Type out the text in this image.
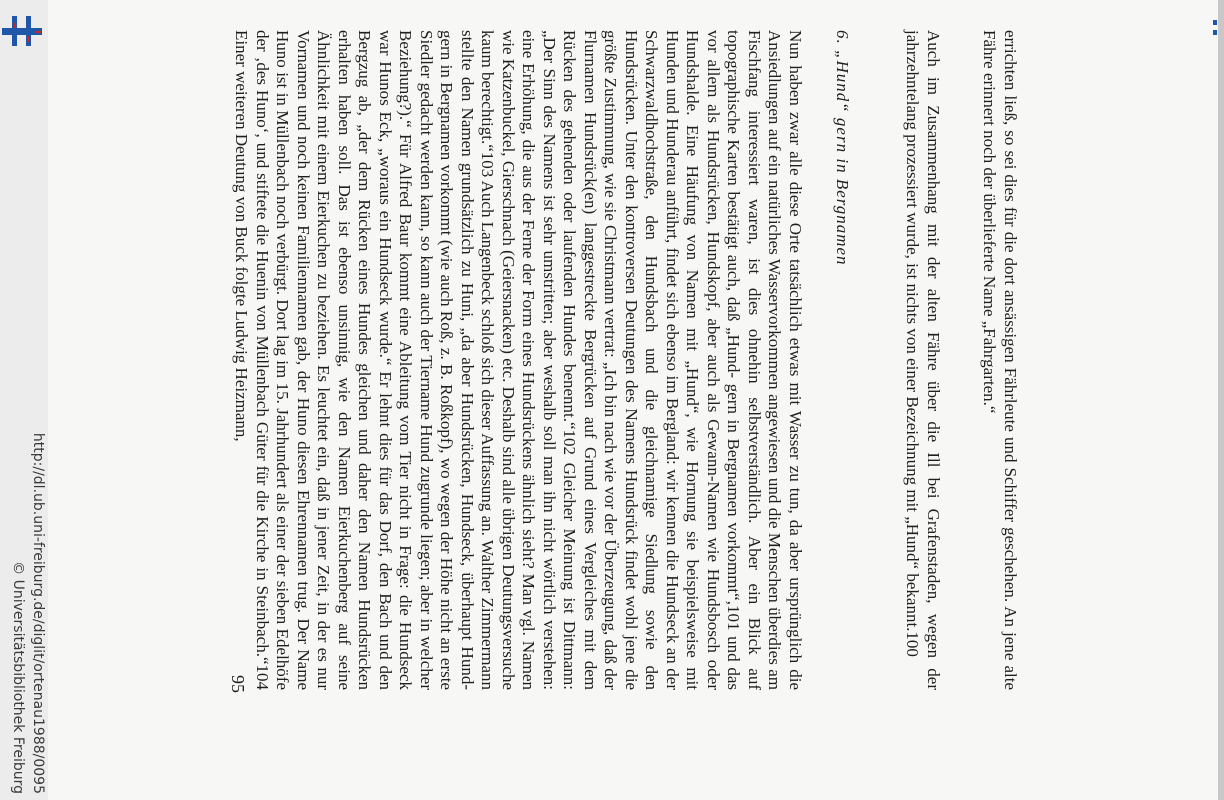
errichten ließ, so sei dies für die dort ansässigen Fährleute und Schiffer geschehen. An jene alte Fähre erinnert noch der überlieferte Name „Fahrgarten.“

Auch im Zusammenhang mit der alten Fähre über die Ill bei Grafenstaden, wegen der jahrzehntelang prozessiert wurde, ist nichts von einer Bezeichnung mit „Hund“ bekannt.100

6. „Hund“ gern in Bergnamen

Nun haben zwar alle diese Orte tatsächlich etwas mit Wasser zu tun, da aber ursprünglich die Ansiedlungen auf ein natürliches Wasservorkommen angewiesen und die Menschen überdies am Fischfang interessiert waren, ist dies ohnehin selbstverständlich. Aber ein Blick auf topographische Karten bestätigt auch, daß „Hund- gern in Bergnamen vorkommt“,101 und das vor allem als Hundsrücken, Hundskopf, aber auch als Gewann-Namen wie Hundsbosch oder Hundshalde. Eine Häufung von Namen mit „Hund“, wie Hornung sie beispielsweise mit Hunden und Hunderau anführt, findet sich ebenso im Bergland: wir kennen die Hundseck an der Schwarzwaldhochstraße, den Hundsbach und die gleichnamige Siedlung sowie den Hundsrücken. Unter den kontroversen Deutungen des Namens Hundsrück findet wohl jene die größte Zustimmung, wie sie Christmann vertrat: „Ich bin nach wie vor der Überzeugung, daß der Flurnamen Hundsrück(en) langgestreckte Bergrücken auf Grund eines Vergleiches mit dem Rücken des gehenden oder laufenden Hundes benennt.“102 Gleicher Meinung ist Dittmann: „Der Sinn des Namens ist sehr umstritten; aber weshalb soll man ihn nicht wörtlich verstehen: eine Erhöhung, die aus der Ferne der Form eines Hundsrückens ähnlich sieht? Man vgl. Namen wie Katzenbuckel, Gierschnach (Geiersnacken) etc. Deshalb sind alle übrigen Deutungsversuche kaum berechtigt.“103 Auch Langenbeck schloß sich dieser Auffassung an. Walther Zimmermann stellte den Namen grundsätzlich zu Huni, „da aber Hundsrücken, Hundseck, überhaupt Hund- gern in Bergnamen vorkommt (wie auch Roß, z. B. Roßkopf), wo wegen der Höhe nicht an erste Siedler gedacht werden kann, so kann auch der Tiername Hund zugrunde liegen; aber in welcher Beziehung?).“ Für Alfred Baur kommt eine Ableitung vom Tier nicht in Frage: die Hundseck war Hunos Eck, „woraus ein Hundseck wurde.“ Er lehnt dies für das Dorf, den Bach und den Bergzug ab, „der dem Rücken eines Hundes gleichen und daher den Namen Hundsrücken erhalten haben soll. Das ist ebenso unsinnig, wie den Namen Eierkuchenberg auf seine Ähnlichkeit mit einem Eierkuchen zu beziehen. Es leuchtet ein, daß in jener Zeit, in der es nur Vornamen und noch keinen Familiennamen gab, der Huno diesen Ehrennamen trug. Der Name Huno ist in Müllenbach noch verbürgt. Dort lag im 15. Jahrhundert als einer der sieben Edelhöfe der ‚des Huno‘, und stiftete die Huenin von Müllenbach Güter für die Kirche in Steinbach.“104 Einer weiteren Deutung von Buck folgte Ludwig Heizmann,

95
http://dl.ub.uni-freiburg.de/diglit/ortenau1988/0095
© Universitätsbibliothek Freiburg
